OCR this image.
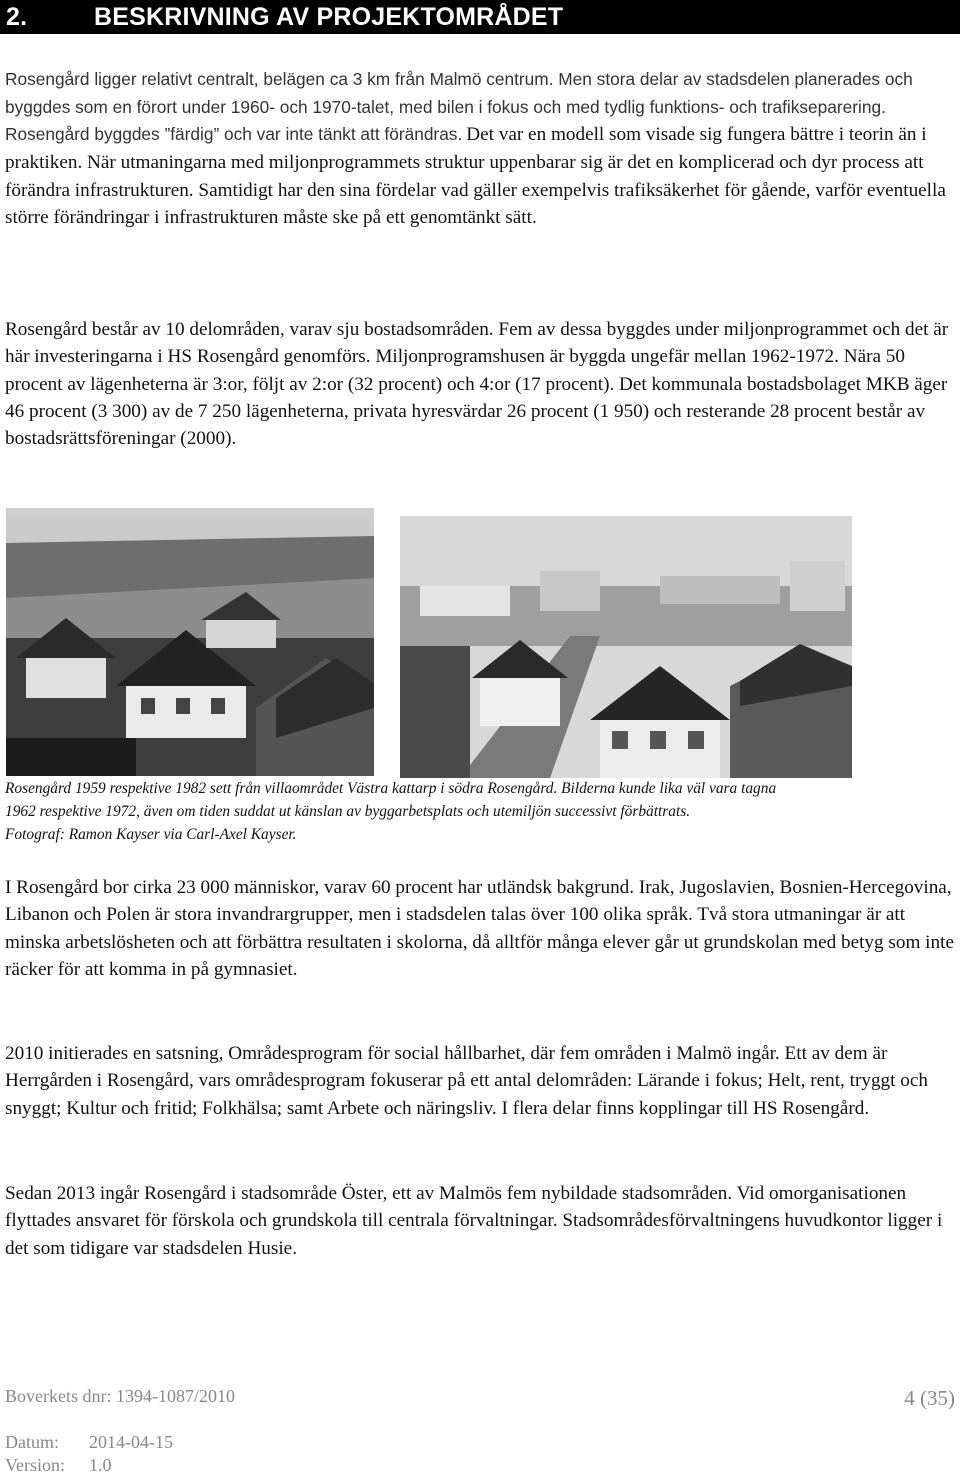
2.	BESKRIVNING AV PROJEKTOMRÅDET

Rosengård ligger relativt centralt, belägen ca 3 km från Malmö centrum. Men stora delar av stadsdelen planerades och byggdes som en förort under 1960- och 1970-talet, med bilen i fokus och med tydlig funktions- och trafikseparering. Rosengård byggdes ”färdig” och var inte tänkt att förändras. Det var en modell som visade sig fungera bättre i teorin än i praktiken. När utmaningarna med miljonprogrammets struktur uppenbarar sig är det en komplicerad och dyr process att förändra infrastrukturen. Samtidigt har den sina fördelar vad gäller exempelvis trafiksäkerhet för gående, varför eventuella större förändringar i infrastrukturen måste ske på ett genomtänkt sätt.

Rosengård består av 10 delområden, varav sju bostadsområden. Fem av dessa byggdes under miljonprogrammet och det är här investeringarna i HS Rosengård genomförs. Miljonprogramshusen är byggda ungefär mellan 1962-1972. Nära 50 procent av lägenheterna är 3:or, följt av 2:or (32 procent) och 4:or (17 procent). Det kommunala bostadsbolaget MKB äger 46 procent (3 300) av de 7 250 lägenheterna, privata hyresvärdar 26 procent (1 950) och resterande 28 procent består av bostadsrättsföreningar (2000).

Rosengård 1959 respektive 1982 sett från villaområdet Västra kattarp i södra Rosengård. Bilderna kunde lika väl vara tagna
1962 respektive 1972, även om tiden suddat ut känslan av byggarbetsplats och utemiljön successivt förbättrats.
Fotograf: Ramon Kayser via Carl-Axel Kayser.

I Rosengård bor cirka 23 000 människor, varav 60 procent har utländsk bakgrund. Irak, Jugoslavien, Bosnien-Hercegovina, Libanon och Polen är stora invandrargrupper, men i stadsdelen talas över 100 olika språk. Två stora utmaningar är att minska arbetslösheten och att förbättra resultaten i skolorna, då alltför många elever går ut grundskolan med betyg som inte räcker för att komma in på gymnasiet.

2010 initierades en satsning, Områdesprogram för social hållbarhet, där fem områden i Malmö ingår. Ett av dem är Herrgården i Rosengård, vars områdesprogram fokuserar på ett antal delområden: Lärande i fokus; Helt, rent, tryggt och snyggt; Kultur och fritid; Folkhälsa; samt Arbete och näringsliv. I flera delar finns kopplingar till HS Rosengård.

Sedan 2013 ingår Rosengård i stadsområde Öster, ett av Malmös fem nybildade stadsområden. Vid omorganisationen flyttades ansvaret för förskola och grundskola till centrala förvaltningar. Stadsområdesförvaltningens huvudkontor ligger i det som tidigare var stadsdelen Husie.

Boverkets dnr: 1394-1087/2010	4 (35)
Datum: 2014-04-15
Version: 1.0
